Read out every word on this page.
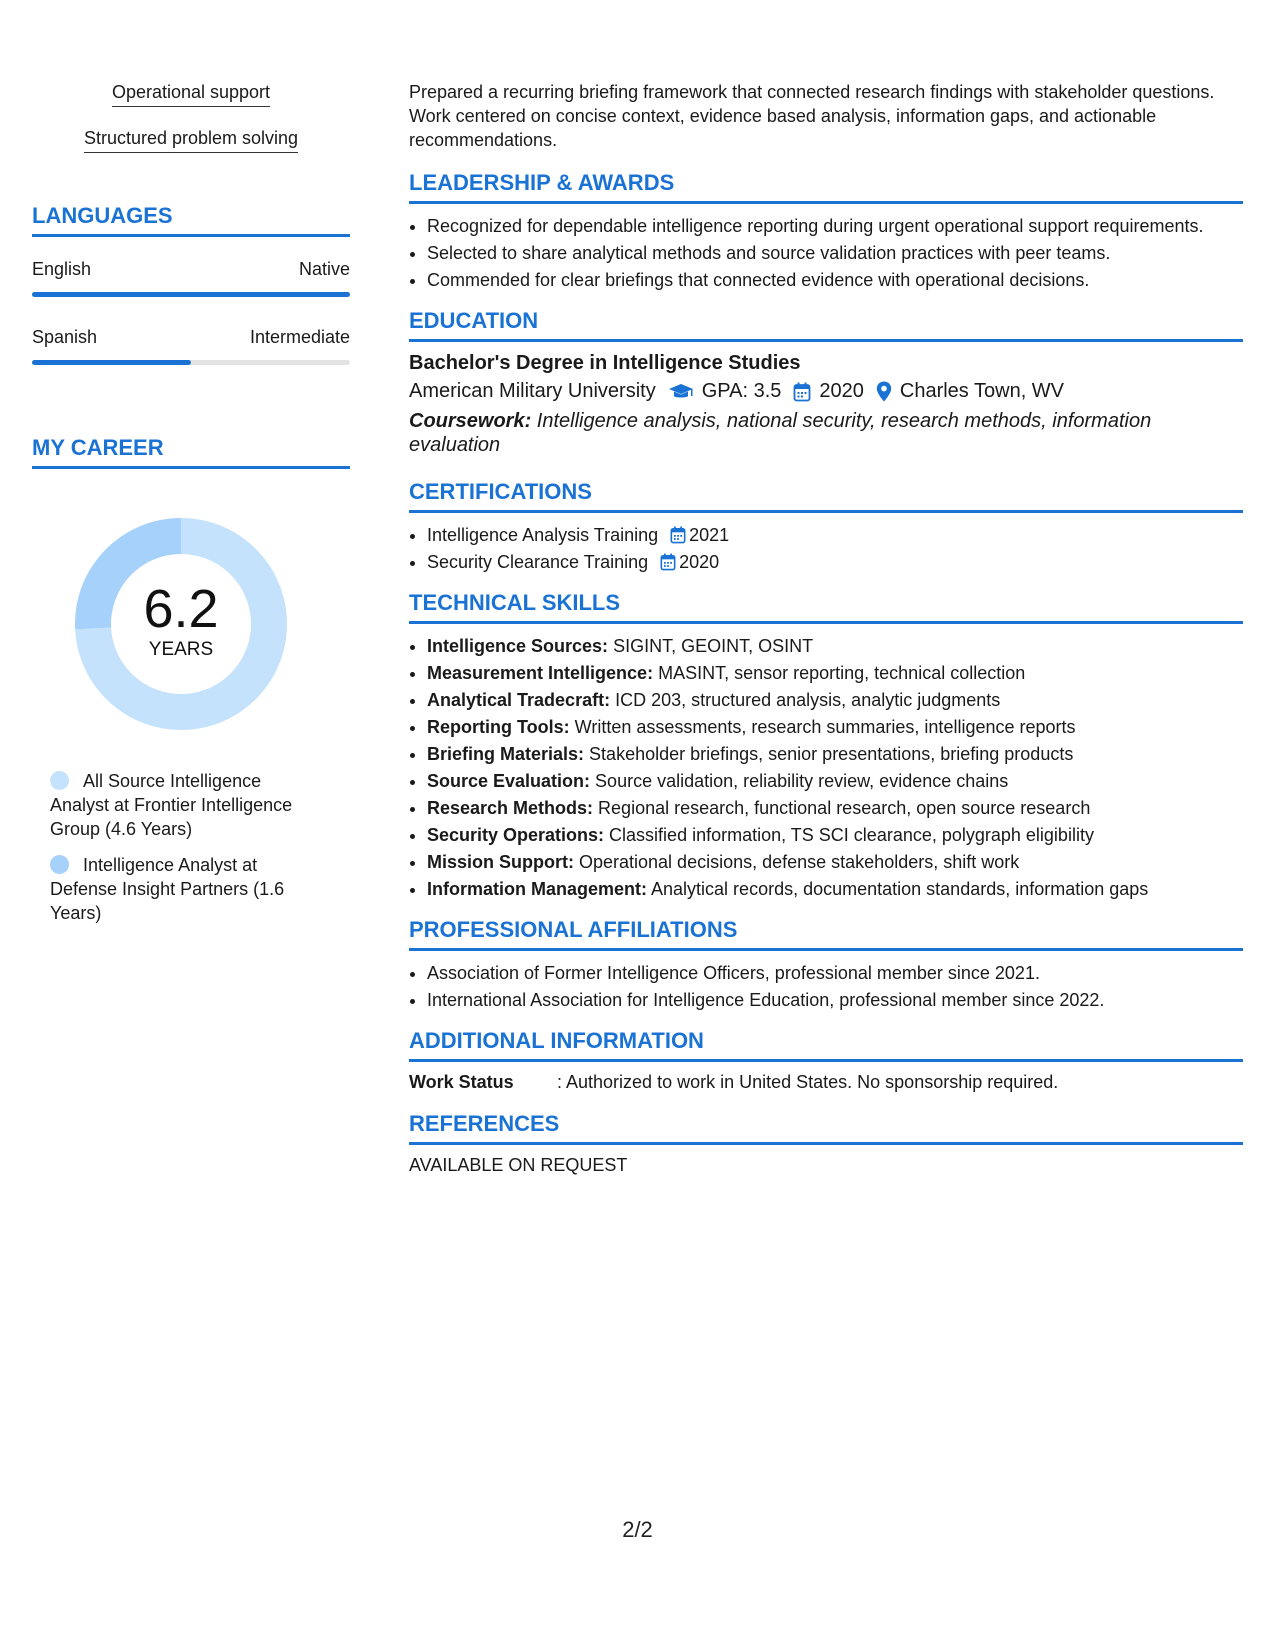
Operational support
Structured problem solving
LANGUAGES
English	Native
Spanish	Intermediate
MY CAREER
6.2
YEARS
All Source Intelligence Analyst at Frontier Intelligence Group (4.6 Years)
Intelligence Analyst at Defense Insight Partners (1.6 Years)

Prepared a recurring briefing framework that connected research findings with stakeholder questions. Work centered on concise context, evidence based analysis, information gaps, and actionable recommendations.

LEADERSHIP & AWARDS
• Recognized for dependable intelligence reporting during urgent operational support requirements.
• Selected to share analytical methods and source validation practices with peer teams.
• Commended for clear briefings that connected evidence with operational decisions.
EDUCATION
Bachelor's Degree in Intelligence Studies
American Military University GPA: 3.5 2020 Charles Town, WV
Coursework: Intelligence analysis, national security, research methods, information evaluation
CERTIFICATIONS
• Intelligence Analysis Training 2021
• Security Clearance Training 2020
TECHNICAL SKILLS
• Intelligence Sources: SIGINT, GEOINT, OSINT
• Measurement Intelligence: MASINT, sensor reporting, technical collection
• Analytical Tradecraft: ICD 203, structured analysis, analytic judgments
• Reporting Tools: Written assessments, research summaries, intelligence reports
• Briefing Materials: Stakeholder briefings, senior presentations, briefing products
• Source Evaluation: Source validation, reliability review, evidence chains
• Research Methods: Regional research, functional research, open source research
• Security Operations: Classified information, TS SCI clearance, polygraph eligibility
• Mission Support: Operational decisions, defense stakeholders, shift work
• Information Management: Analytical records, documentation standards, information gaps
PROFESSIONAL AFFILIATIONS
• Association of Former Intelligence Officers, professional member since 2021.
• International Association for Intelligence Education, professional member since 2022.
ADDITIONAL INFORMATION
Work Status	: Authorized to work in United States. No sponsorship required.
REFERENCES
AVAILABLE ON REQUEST
2/2
